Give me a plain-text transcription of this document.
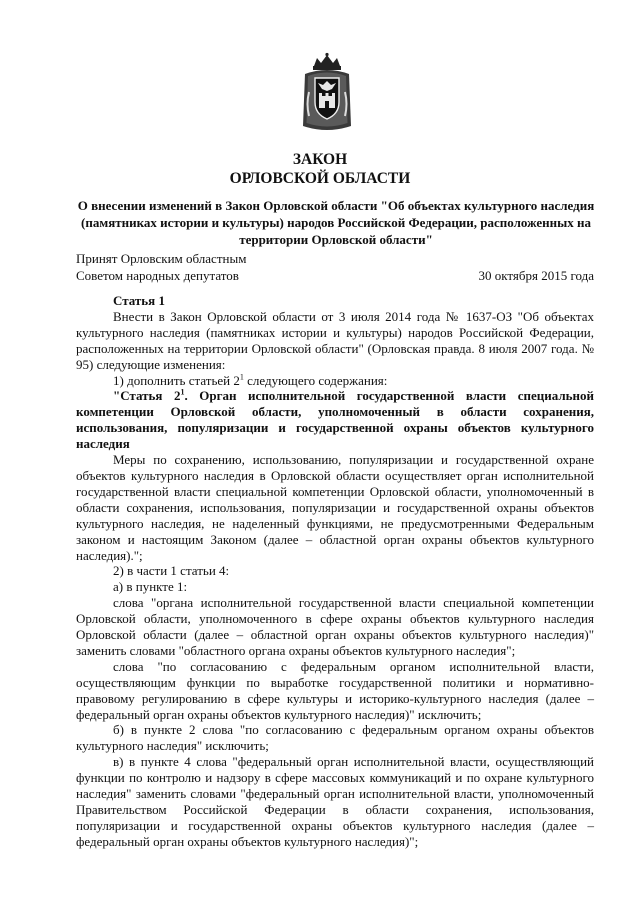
ЗАКОН
ОРЛОВСКОЙ ОБЛАСТИ
О внесении изменений в Закон Орловской области "Об объектах культурного наследия (памятниках истории и культуры) народов Российской Федерации, расположенных на территории Орловской области"
Принят Орловским областным
Советом народных депутатов	30 октября 2015 года

Статья 1

Внести в Закон Орловской области от 3 июля 2014 года № 1637-ОЗ "Об объектах культурного наследия (памятниках истории и культуры) народов Российской Федерации, расположенных на территории Орловской области" (Орловская правда. 8 июля 2007 года. № 95) следующие изменения:

1) дополнить статьей $2^1$ следующего содержания:

"Статья $2^1$. Орган исполнительной государственной власти специальной компетенции Орловской области, уполномоченный в области сохранения, использования, популяризации и государственной охраны объектов культурного наследия

Меры по сохранению, использованию, популяризации и государственной охране объектов культурного наследия в Орловской области осуществляет орган исполнительной государственной власти специальной компетенции Орловской области, уполномоченный в области сохранения, использования, популяризации и государственной охраны объектов культурного наследия, не наделенный функциями, не предусмотренными Федеральным законом и настоящим Законом (далее – областной орган охраны объектов культурного наследия).";

2) в части 1 статьи 4:

а) в пункте 1:

слова "органа исполнительной государственной власти специальной компетенции Орловской области, уполномоченного в сфере охраны объектов культурного наследия Орловской области (далее – областной орган охраны объектов культурного наследия)" заменить словами "областного органа охраны объектов культурного наследия";

слова "по согласованию с федеральным органом исполнительной власти, осуществляющим функции по выработке государственной политики и нормативно-правовому регулированию в сфере культуры и историко-культурного наследия (далее – федеральный орган охраны объектов культурного наследия)" исключить;

б) в пункте 2 слова "по согласованию с федеральным органом охраны объектов культурного наследия" исключить;

в) в пункте 4 слова "федеральный орган исполнительной власти, осуществляющий функции по контролю и надзору в сфере массовых коммуникаций и по охране культурного наследия" заменить словами "федеральный орган исполнительной власти, уполномоченный Правительством Российской Федерации в области сохранения, использования, популяризации и государственной охраны объектов культурного наследия (далее – федеральный орган охраны объектов культурного наследия)";
